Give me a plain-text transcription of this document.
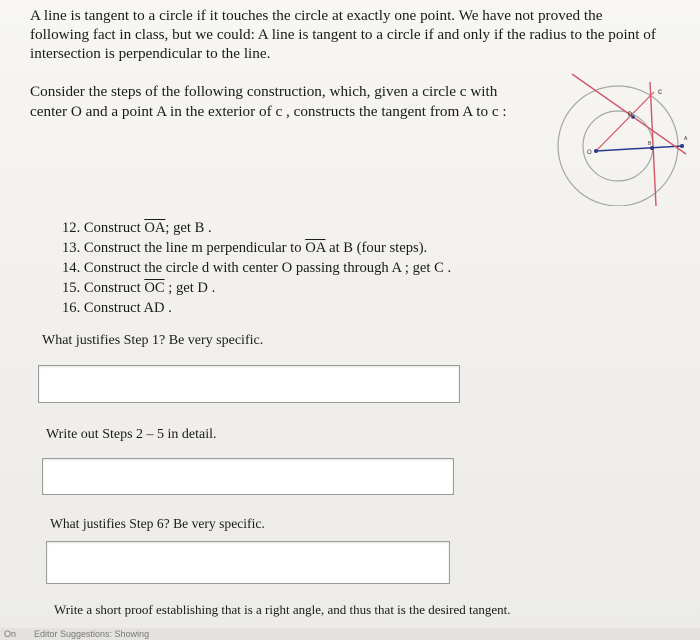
A line is tangent to a circle if it touches the circle at exactly one point. We have not proved the
following fact in class, but we could: A line is tangent to a circle if and only if the radius to the point of
intersection is perpendicular to the line.
Consider the steps of the following construction, which, given a circle c with
center O and a point A in the exterior of c , constructs the tangent from A to c :
c
D
B
A
O
12. Construct $\overline{OA}$; get B .
13. Construct the line m perpendicular to $\overline{OA}$ at B (four steps).
14. Construct the circle d with center O passing through A ; get C .
15. Construct $\overline{OC}$ ; get D .
16. Construct AD .

What justifies Step 1? Be very specific.

Write out Steps 2 – 5 in detail.

What justifies Step 6? Be very specific.

Write a short proof establishing that is a right angle, and thus that is the desired tangent.

On Editor Suggestions: Showing
